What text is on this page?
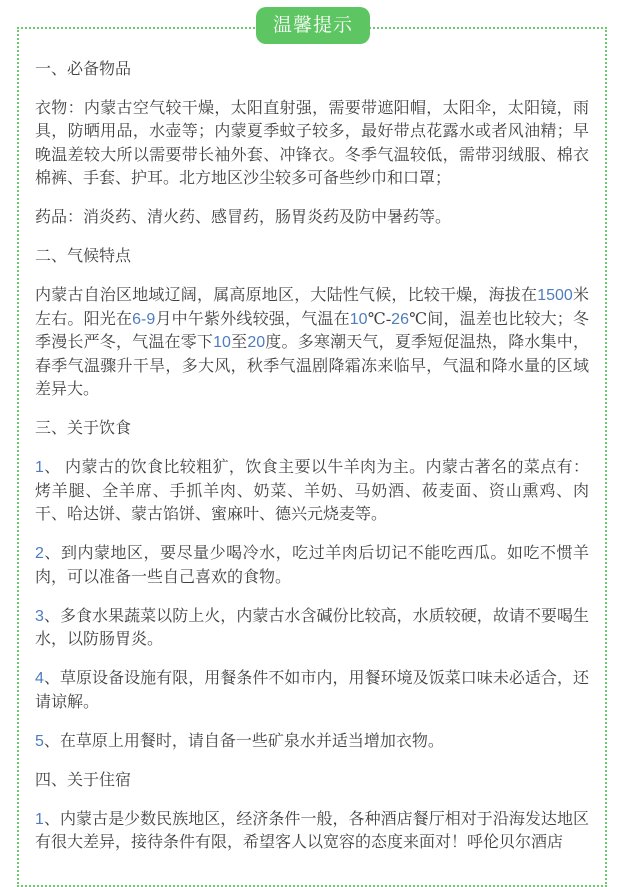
温馨提示

一、必备物品

衣物：内蒙古空气较干燥，太阳直射强，需要带遮阳帽，太阳伞，太阳镜，雨具，防晒用品，水壶等；内蒙夏季蚊子较多，最好带点花露水或者风油精；早晚温差较大所以需要带长袖外套、冲锋衣。冬季气温较低，需带羽绒服、棉衣棉裤、手套、护耳。北方地区沙尘较多可备些纱巾和口罩；

药品：消炎药、清火药、感冒药，肠胃炎药及防中暑药等。

二、气候特点

内蒙古自治区地域辽阔，属高原地区，大陆性气候，比较干燥，海拔在1500米左右。阳光在6-9月中午紫外线较强，气温在10℃-26℃间，温差也比较大；冬季漫长严冬，气温在零下10至20度。多寒潮天气，夏季短促温热，降水集中，春季气温骤升干旱，多大风，秋季气温剧降霜冻来临早，气温和降水量的区域差异大。

三、关于饮食

1、 内蒙古的饮食比较粗犷，饮食主要以牛羊肉为主。内蒙古著名的菜点有：烤羊腿、全羊席、手抓羊肉、奶菜、羊奶、马奶酒、莜麦面、资山熏鸡、肉干、哈达饼、蒙古馅饼、蜜麻叶、德兴元烧麦等。

2、到内蒙地区，要尽量少喝冷水，吃过羊肉后切记不能吃西瓜。如吃不惯羊肉，可以准备一些自己喜欢的食物。

3、多食水果蔬菜以防上火，内蒙古水含碱份比较高，水质较硬，故请不要喝生水，以防肠胃炎。

4、草原设备设施有限，用餐条件不如市内，用餐环境及饭菜口味未必适合，还请谅解。

5、在草原上用餐时，请自备一些矿泉水并适当增加衣物。

四、关于住宿

1、内蒙古是少数民族地区，经济条件一般，各种酒店餐厅相对于沿海发达地区有很大差异，接待条件有限，希望客人以宽容的态度来面对！呼伦贝尔酒店
